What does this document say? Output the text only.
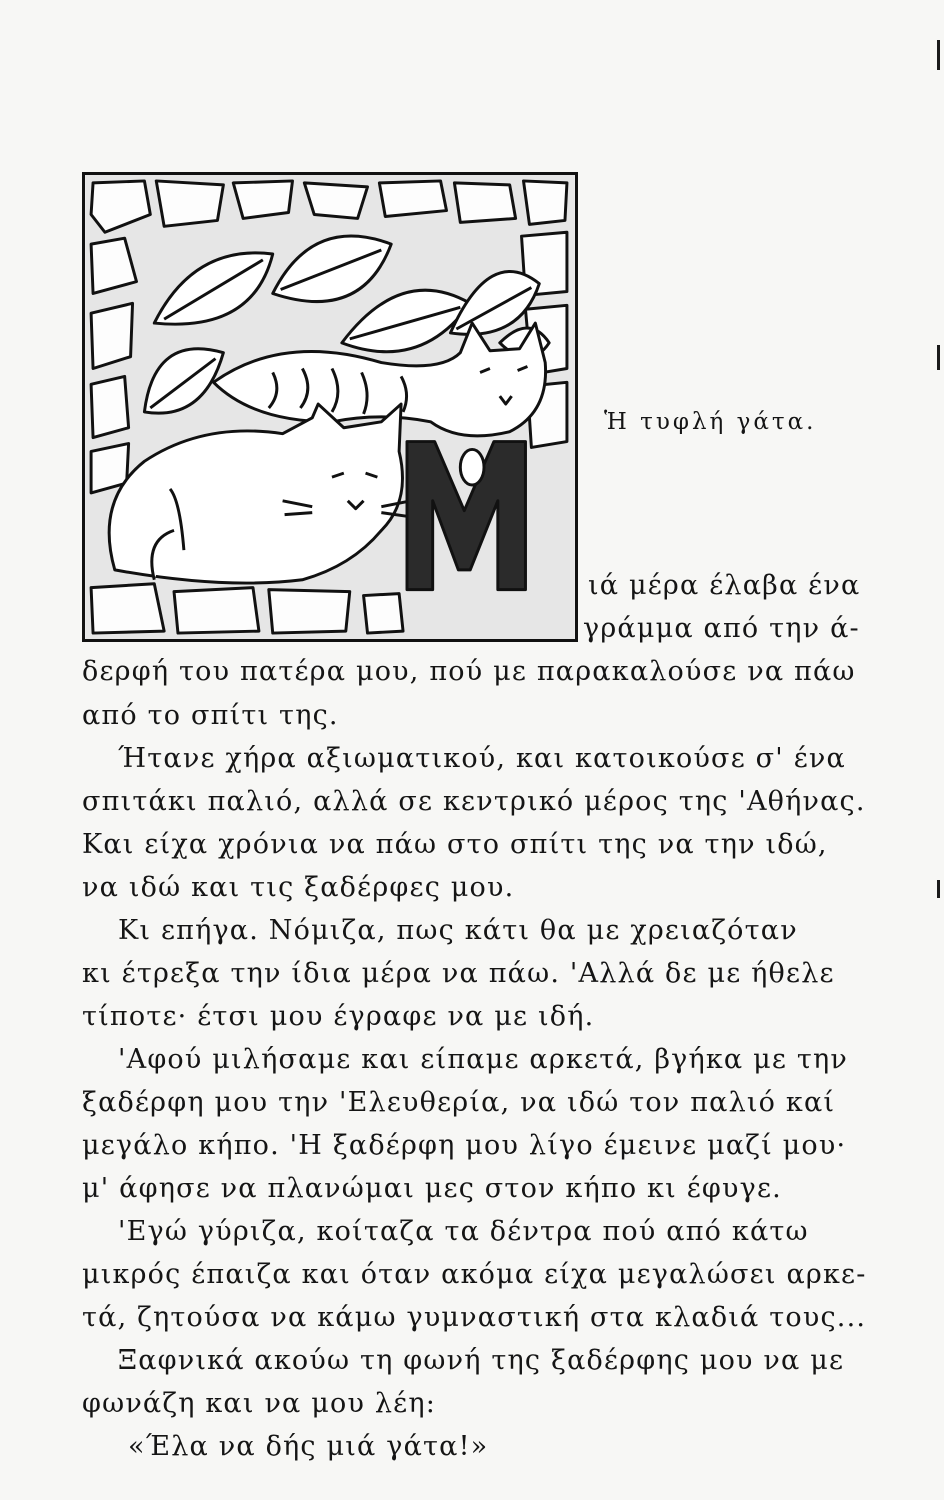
Ἡ τυφλή γάτα.
ιά μέρα έλαβα ένα
γράμμα από την ά-
δερφή του πατέρα μου, πού με παρακαλούσε να πάω
από το σπίτι της.
Ήτανε χήρα αξιωματικού, και κατοικούσε σ' ένα
σπιτάκι παλιό, αλλά σε κεντρικό μέρος της 'Αθήνας.
Και είχα χρόνια να πάω στο σπίτι της να την ιδώ,
να ιδώ και τις ξαδέρφες μου.
Κι επήγα. Νόμιζα, πως κάτι θα με χρειαζόταν
κι έτρεξα την ίδια μέρα να πάω. 'Αλλά δε με ήθελε
τίποτε· έτσι μου έγραφε να με ιδή.
'Αφού μιλήσαμε και είπαμε αρκετά, βγήκα με την
ξαδέρφη μου την 'Ελευθερία, να ιδώ τον παλιό καί
μεγάλο κήπο. 'Η ξαδέρφη μου λίγο έμεινε μαζί μου·
μ' άφησε να πλανώμαι μες στον κήπο κι έφυγε.
'Εγώ γύριζα, κοίταζα τα δέντρα πού από κάτω
μικρός έπαιζα και όταν ακόμα είχα μεγαλώσει αρκε-
τά, ζητούσα να κάμω γυμναστική στα κλαδιά τους...
Ξαφνικά ακούω τη φωνή της ξαδέρφης μου να με
φωνάζη και να μου λέη:
«Έλα να δής μιά γάτα!»
